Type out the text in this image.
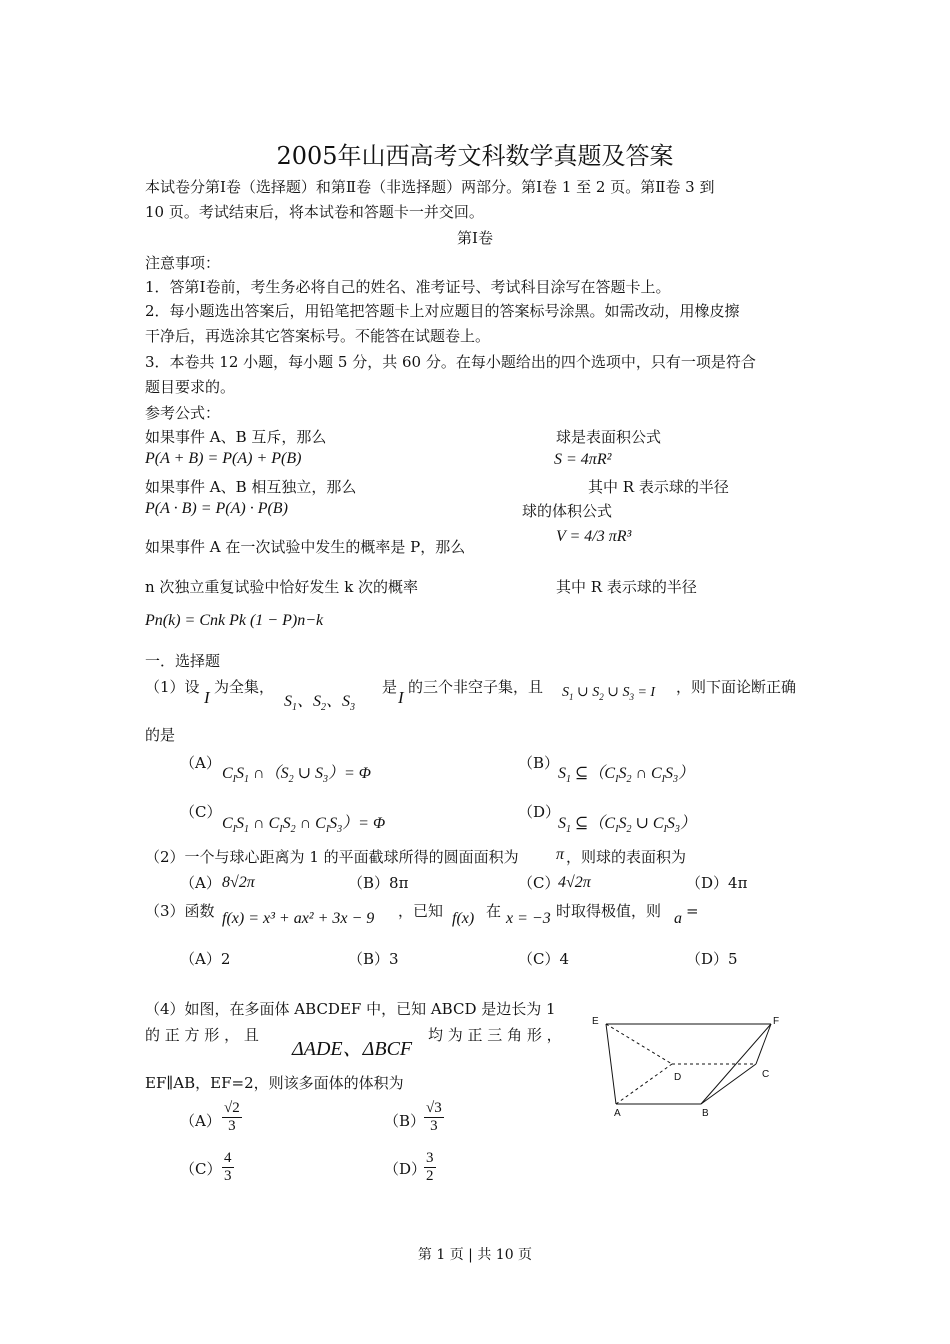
2005年山西高考文科数学真题及答案
本试卷分第Ⅰ卷（选择题）和第Ⅱ卷（非选择题）两部分。第Ⅰ卷 1 至 2 页。第Ⅱ卷 3 到
10 页。考试结束后，将本试卷和答题卡一并交回。
第Ⅰ卷
注意事项：
1．答第Ⅰ卷前，考生务必将自己的姓名、准考证号、考试科目涂写在答题卡上。
2．每小题选出答案后，用铅笔把答题卡上对应题目的答案标号涂黑。如需改动，用橡皮擦
干净后，再选涂其它答案标号。不能答在试题卷上。
3．本卷共 12 小题，每小题 5 分，共 60 分。在每小题给出的四个选项中，只有一项是符合
题目要求的。
参考公式：
如果事件 A、B 互斥，那么
P(A + B) = P(A) + P(B)
如果事件 A、B 相互独立，那么
P(A · B) = P(A) · P(B)
如果事件 A 在一次试验中发生的概率是 P，那么
n 次独立重复试验中恰好发生 k 次的概率
Pn(k) = Cnk Pk (1 − P)n−k
球是表面积公式
S = 4πR²
其中 R 表示球的半径
球的体积公式
V = 4/3 πR³
其中 R 表示球的半径
一．选择题
（1）设
I
为全集，
$S_1$、$S_2$、$S_3$
是
I
的三个非空子集，且 $S_1$ ∪ $S_2$ ∪ $S_3 = I$ ，则下面论断正确
的是
（A）
$C_IS_1$ $\cap(S_2$ ∪ $S_3)= \Phi$
（B）
$S_1$ $⊆(C_IS_2$ ∩ $C_IS_3$）
（C）
$C_IS_1$ ∩ $C_IS_2$ ∩ $C_IS_3)= \Phi$
（D）
$S_1$ $⊆(C_IS_2$ ∪ $C_IS_3$）
（2）一个与球心距离为 1 的平面截球所得的圆面面积为 π ，则球的表面积为
（A） 8√2π	（B）8π	（C）
4√2π	（D）4π
（3）函数 f(x) = x³ + ax² + 3x − 9 ，已知 f(x) 在 x = −3 时取得极值，则 a =
（A）2	（B）3	（C）4	（D）5
（4）如图，在多面体 ABCDEF 中，已知 ABCD 是边长为 1
的 正 方 形 ， 且
ΔADE、ΔBCF
均 为 正 三 角 形 ，
EF∥AB，EF=2，则该多面体的体积为
$(A) \frac{√2}{3}$	（B）
$\frac{√3}{3}$
$(C) \frac{4}{3}$	（D）
$\frac{3}{2}$
E	F
D	C
A	B
第 1 页 | 共 10 页
